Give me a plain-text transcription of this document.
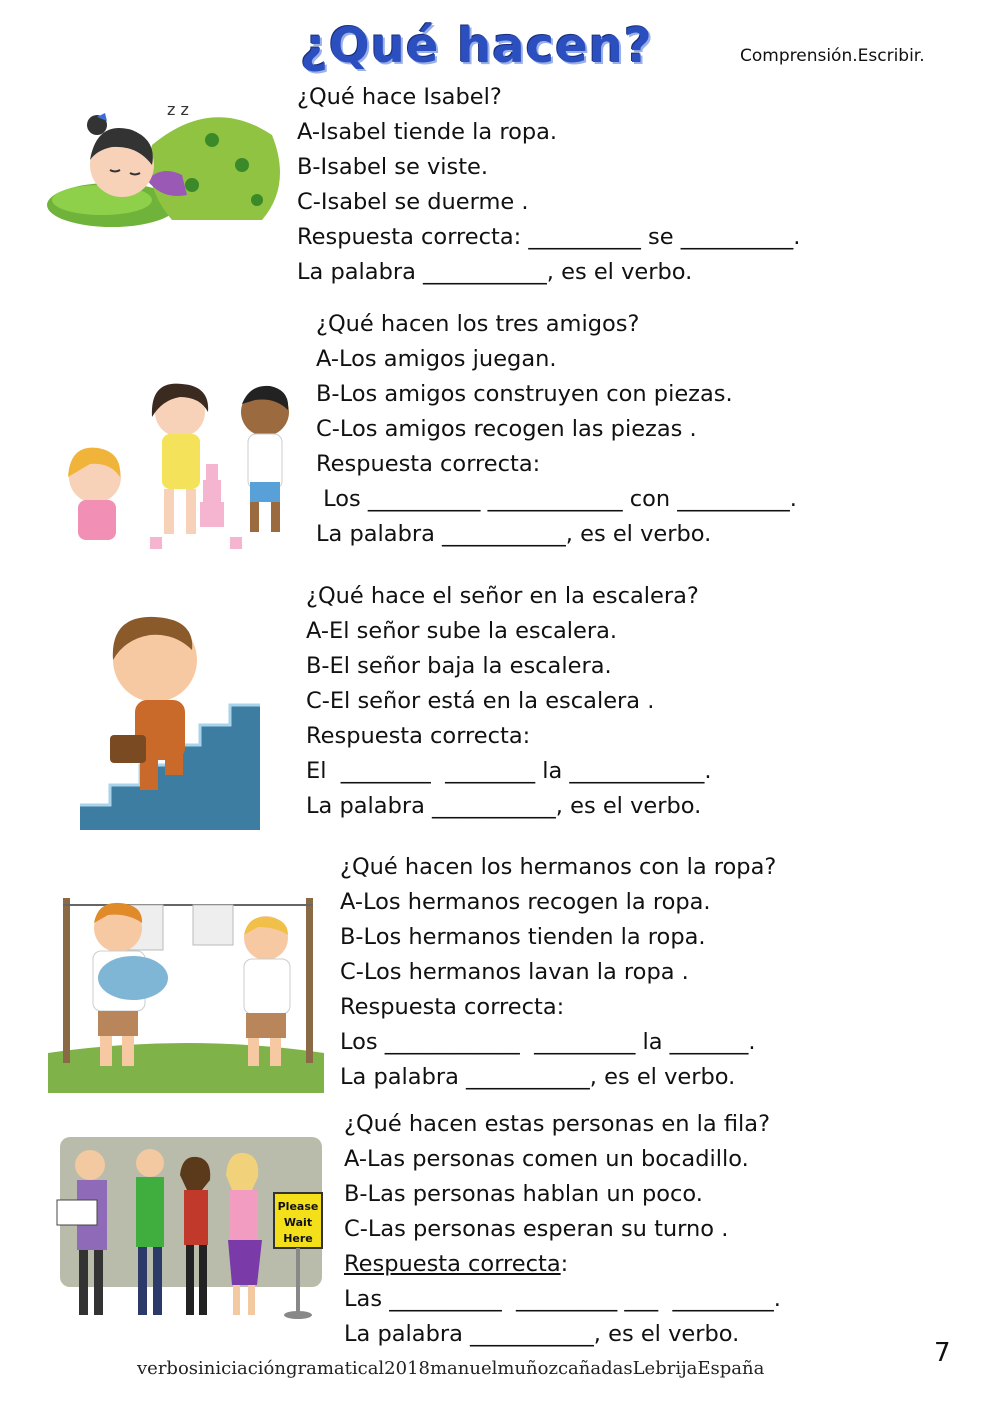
¿Qué hacen?	Comprensión.Escribir.
z z	¿Qué hace Isabel?
A-Isabel tiende la ropa.
B-Isabel se viste.
C-Isabel se duerme .
Respuesta correcta: __________ se __________.
La palabra ___________, es el verbo.
¿Qué hacen los tres amigos?
A-Los amigos juegan.
B-Los amigos construyen con piezas.
C-Los amigos recogen las piezas .
Respuesta correcta:
Los __________ ____________ con __________.
La palabra ___________, es el verbo.
¿Qué hace el señor en la escalera?
A-El señor sube la escalera.
B-El señor baja la escalera.
C-El señor está en la escalera .
Respuesta correcta:
El  ________  ________ la ____________.
La palabra ___________, es el verbo.
¿Qué hacen los hermanos con la ropa?
A-Los hermanos recogen la ropa.
B-Los hermanos tienden la ropa.
C-Los hermanos lavan la ropa .
Respuesta correcta:
Los ____________  _________ la _______.
La palabra ___________, es el verbo.
Please
Wait
Here
¿Qué hacen estas personas en la fila?
A-Las personas comen un bocadillo.
B-Las personas hablan un poco.
C-Las personas esperan su turno .
Respuesta correcta:
Las __________  _________ ___  _________.
La palabra ___________, es el verbo.
verbosiniciacióngramatical2018manuelmuñozcañadasLebrijaEspaña
7
